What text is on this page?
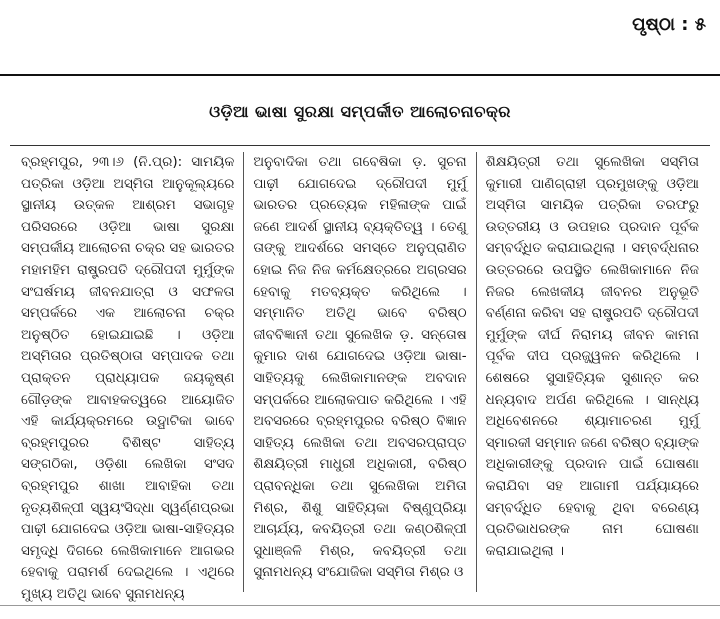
ପୃଷ୍ଠା : ୫
ଓଡ଼ିଆ ଭାଷା ସୁରକ୍ଷା ସମ୍ପର୍କୀତ ଆଲୋଚନାଚକ୍ର
ବ୍ରହ୍ମପୁର, ୨୩।୬ (ନି.ପ୍ର): ସାମୟିକ ପତ୍ରିକା ଓଡ଼ିଆ ଅସ୍ମିତା ଆନୁକୂଲ୍ୟରେ ସ୍ଥାନୀୟ ଉତ୍କଳ ଆଶ୍ରମ ସଭାଗୃହ ପରିସରରେ ଓଡ଼ିଆ ଭାଷା ସୁରକ୍ଷା ସମ୍ପର୍କୀୟ ଆଲୋଚନା ଚକ୍ର ସହ ଭାରତର ମହାମହିମ ରାଷ୍ଟ୍ରପତି ଦ୍ରୌପଦୀ ମୁର୍ମୁଙ୍କ ସଂଘର୍ଷମୟ ଜୀବନଯାତ୍ରା ଓ ସଫଳତା ସମ୍ପର୍କରେ ଏକ ଆଲୋଚନା ଚକ୍ର ଅନୁଷ୍ଠିତ ହୋଇଯାଇଛି । ଓଡ଼ିଆ ଅସ୍ମିତାର ପ୍ରତିଷ୍ଠାତା ସମ୍ପାଦକ ତଥା ପ୍ରାକ୍ତନ ପ୍ରାଧ୍ୟାପକ ଜୟକୃଷ୍ଣ ଗୌଡ଼ଙ୍କ ଆବାହକତ୍ୱରେ ଆୟୋଜିତ ଏହି କାର୍ଯ୍ୟକ୍ରମରେ ଉଦ୍ଘାଟିକା ଭାବେ ବ୍ରହ୍ମପୁରର ବିଶିଷ୍ଟ ସାହିତ୍ୟ ସଙ୍ଗଠିକା, ଓଡ଼ିଶା ଲେଖିକା ସଂସଦ ବ୍ରହ୍ମପୁର ଶାଖା ଆବାହିକା ତଥା ନୃତ୍ୟଶିଳ୍ପୀ ସ୍ୱୟଂସିଦ୍ଧା ସ୍ୱର୍ଣ୍ଣପ୍ରଭା ପାଢ଼ୀ ଯୋଗଦେଇ ଓଡ଼ିଆ ଭାଷା-ସାହିତ୍ୟର ସମୃଦ୍ଧି ଦିଗରେ ଲେଖିକାମାନେ ଆଗଭର ହେବାକୁ ପରାମର୍ଶ ଦେଇଥିଲେ । ଏଥିରେ ମୁଖ୍ୟ ଅତିଥି ଭାବେ ସୁନାମଧନ୍ୟ
ଅନୁବାଦିକା ତଥା ଗବେଷିକା ଡ଼. ସୁଚନା ପାଢ଼ୀ ଯୋଗଦେଇ ଦ୍ରୌପଦୀ ମୁର୍ମୁ ଭାରତର ପ୍ରତ୍ୟେକ ମହିଳାଙ୍କ ପାଇଁ ଜଣେ ଆଦର୍ଶ ସ୍ଥାନୀୟ ବ୍ୟକ୍ତିତ୍ୱ । ତେଣୁ ତାଙ୍କୁ ଆଦର୍ଶରେ ସମସ୍ତେ ଅନୁପ୍ରାଣିତ ହୋଇ ନିଜ ନିଜ କର୍ମକ୍ଷେତ୍ରରେ ଅଗ୍ରସର ହେବାକୁ ମତବ୍ୟକ୍ତ କରିଥିଲେ । ସମ୍ମାନିତ ଅତିଥି ଭାବେ ବରିଷ୍ଠ ଜୀବବିଜ୍ଞାନୀ ତଥା ସୁଲେଖିକ ଡ଼. ସନ୍ତୋଷ କୁମାର ଦାଶ ଯୋଗଦେଇ ଓଡ଼ିଆ ଭାଷା-ସାହିତ୍ୟକୁ ଲେଖିକାମାନଙ୍କ ଅବଦାନ ସମ୍ପର୍କରେ ଆଲୋକପାତ କରିଥିଲେ । ଏହି ଅବସରରେ ବ୍ରହ୍ମପୁରର ବରିଷ୍ଠ ବିଜ୍ଞାନ ସାହିତ୍ୟ ଲେଖିକା ତଥା ଅବସରପ୍ରାପ୍ତ ଶିକ୍ଷୟିତ୍ରୀ ମାଧୁରୀ ଅଧିକାରୀ, ବରିଷ୍ଠ ପ୍ରାବନ୍ଧିକା ତଥା ସୁଲେଖିକା ଅମିତା ମିଶ୍ର, ଶିଶୁ ସାହିତ୍ୟିକା ବିଷ୍ଣୁପ୍ରିୟା ଆଚାର୍ଯ୍ୟ, କବୟିତ୍ରୀ ତଥା କଣ୍ଠଶିଳ୍ପୀ ସୁଧାଞ୍ଜଳି ମିଶ୍ର, କବୟିତ୍ରୀ ତଥା ସୁନାମଧନ୍ୟ ସଂଯୋଜିକା ସସ୍ମିତା ମିଶ୍ର ଓ
ଶିକ୍ଷୟିତ୍ରୀ ତଥା ସୁଲେଖିକା ସସ୍ମିତା କୁମାରୀ ପାଣିଗ୍ରାହୀ ପ୍ରମୁଖଙ୍କୁ ଓଡ଼ିଆ ଅସ୍ମିତା ସାମୟିକ ପତ୍ରିକା ତରଫରୁ ଉତ୍ତରୀୟ ଓ ଉପହାର ପ୍ରଦାନ ପୂର୍ବକ ସମ୍ବର୍ଦ୍ଧିତ କରାଯାଇଥିଲା । ସମ୍ବର୍ଦ୍ଧନାର ଉତ୍ତରରେ ଉପସ୍ଥିତ ଲେଖିକାମାନେ ନିଜ ନିଜର ଲେଖକୀୟ ଜୀବନର ଅନୁଭୂତି ବର୍ଣ୍ଣନା କରିବା ସହ ରାଷ୍ଟ୍ରପତି ଦ୍ରୌପଦୀ ମୁର୍ମୁଙ୍କ ଦୀର୍ଘ ନିରାମୟ ଜୀବନ କାମନା ପୂର୍ବକ ଦୀପ ପ୍ରଜ୍ଜ୍ୱଳନ କରିଥିଲେ । ଶେଷରେ ସୁସାହିତ୍ୟିକ ସୁଶାନ୍ତ କର ଧନ୍ୟବାଦ ଅର୍ପଣ କରିଥିଲେ । ସାନ୍ଧ୍ୟ ଅଧିବେଶନରେ ଶ୍ୟାମାଚରଣ ମୁର୍ମୁ ସ୍ମାରକୀ ସମ୍ମାନ ଜଣେ ବରିଷ୍ଠ ବ୍ୟାଙ୍କ ଅଧିକାରୀଙ୍କୁ ପ୍ରଦାନ ପାଇଁ ଘୋଷଣା କରାଯିବା ସହ ଆଗାମୀ ପର୍ଯ୍ୟାୟରେ ସମ୍ବର୍ଦ୍ଧିତ ହେବାକୁ ଥିବା ବରେଣ୍ୟ ପ୍ରତିଭାଧରଙ୍କ ନାମ ଘୋଷଣା କରାଯାଇଥିଲା ।
